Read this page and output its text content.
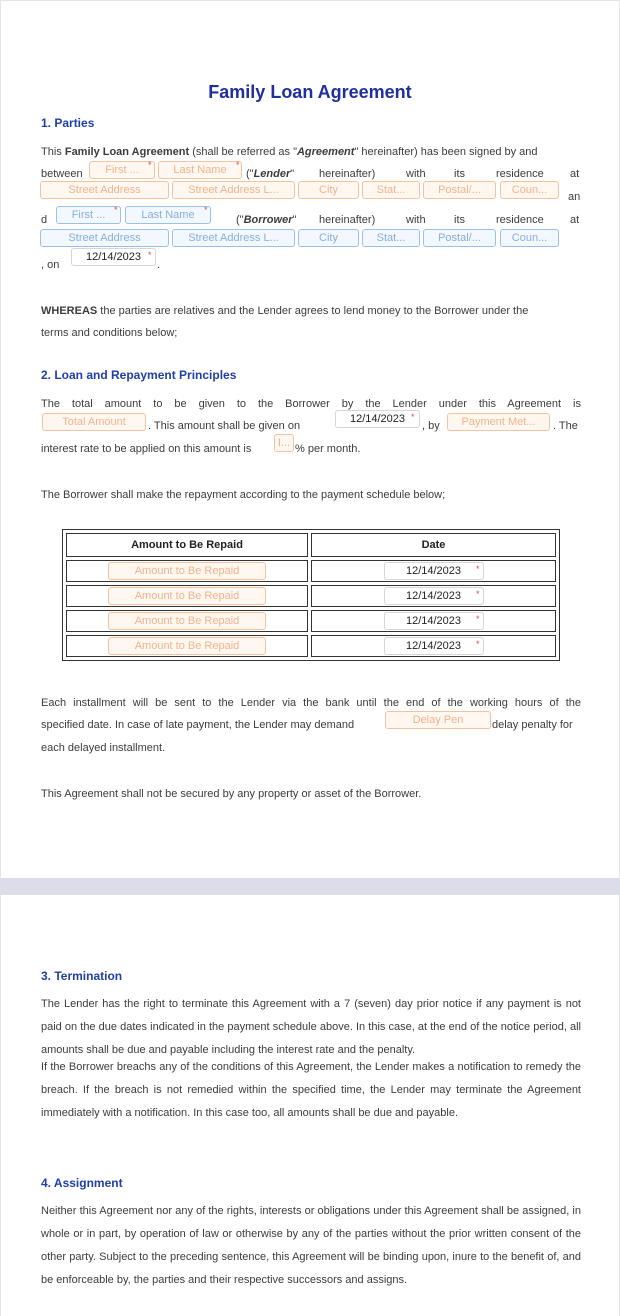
Family Loan Agreement
1. Parties
This Family Loan Agreement (shall be referred as "Agreement" hereinafter) has been signed by and
between	First ...	*	Last Name	*
("Lender" hereinafter)	with	its	residence at
Street Address	Street Address L...	City	Stat...	Postal/...	Coun...
an
d	First ... *	Last Name	*
("Borrower" hereinafter)	with	its	residence at
Street Address	Street Address L...	City	Stat...	Postal/...	Coun...
, on
12/14/2023 *
.
WHEREAS the parties are relatives and the Lender agrees to lend money to the Borrower under the
terms and conditions below;
2. Loan and Repayment Principles
The total amount to be given to the Borrower by the Lender under this Agreement is
Total Amount	. This amount shall be given on
12/14/2023 *
, by	Payment Met...	. The
interest rate to be applied on this amount is	I... % per month.
The Borrower shall make the repayment according to the payment schedule below;
Amount to Be Repaid	Date
Amount to Be Repaid	12/14/2023 *

Amount to Be Repaid	12/14/2023 *

Amount to Be Repaid	12/14/2023 *

Amount to Be Repaid	12/14/2023 *
Each installment will be sent to the Lender via the bank until the end of the working hours of the
specified date. In case of late payment, the Lender may demand	Delay Pen	delay penalty for
each delayed installment.
This Agreement shall not be secured by any property or asset of the Borrower.
3. Termination
The Lender has the right to terminate this Agreement with a 7 (seven) day prior notice if any payment is not paid on the due dates indicated in the payment schedule above. In this case, at the end of the notice period, all amounts shall be due and payable including the interest rate and the penalty.
If the Borrower breachs any of the conditions of this Agreement, the Lender makes a notification to remedy the breach. If the breach is not remedied within the specified time, the Lender may terminate the Agreement immediately with a notification. In this case too, all amounts shall be due and payable.
4. Assignment
Neither this Agreement nor any of the rights, interests or obligations under this Agreement shall be assigned, in whole or in part, by operation of law or otherwise by any of the parties without the prior written consent of the other party. Subject to the preceding sentence, this Agreement will be binding upon, inure to the benefit of, and be enforceable by, the parties and their respective successors and assigns.
